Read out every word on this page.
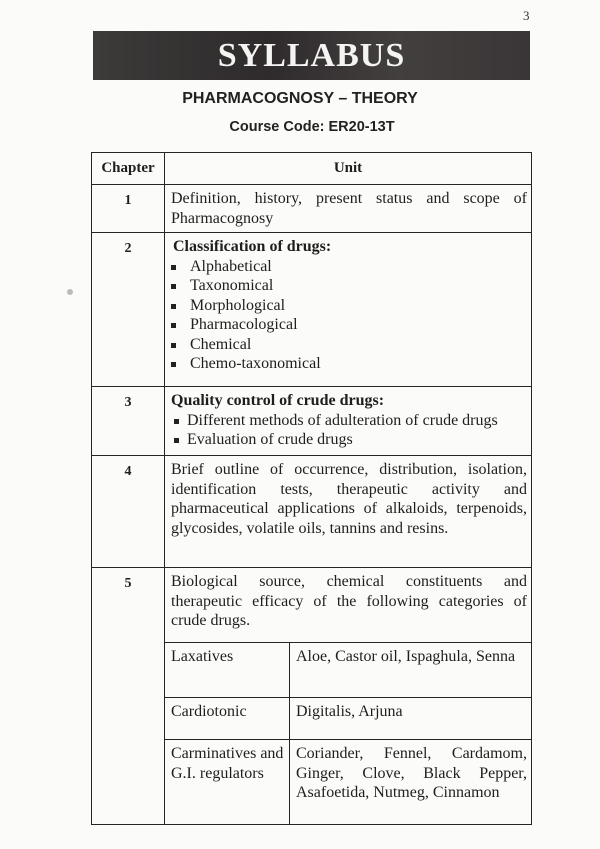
3
SYLLABUS
PHARMACOGNOSY – THEORY
Course Code: ER20-13T
Chapter	Unit
1	Definition, history, present status and scope of Pharmacognosy
2	Classification of drugs:
Alphabetical
Taxonomical
Morphological
Pharmacological
Chemical
Chemo-taxonomical

3	Quality control of crude drugs:
Different methods of adulteration of crude drugs
Evaluation of crude drugs

4	Brief outline of occurrence, distribution, isolation, identification tests, therapeutic activity and pharmaceutical applications of alkaloids, terpenoids, glycosides, volatile oils, tannins and resins.
5	Biological source, chemical constituents and therapeutic efficacy of the following categories of crude drugs.
Laxatives	Aloe, Castor oil, Ispaghula, Senna
Cardiotonic	Digitalis, Arjuna
Carminatives and G.I. regulators	Coriander, Fennel, Cardamom, Ginger, Clove, Black Pepper, Asafoetida, Nutmeg, Cinnamon
